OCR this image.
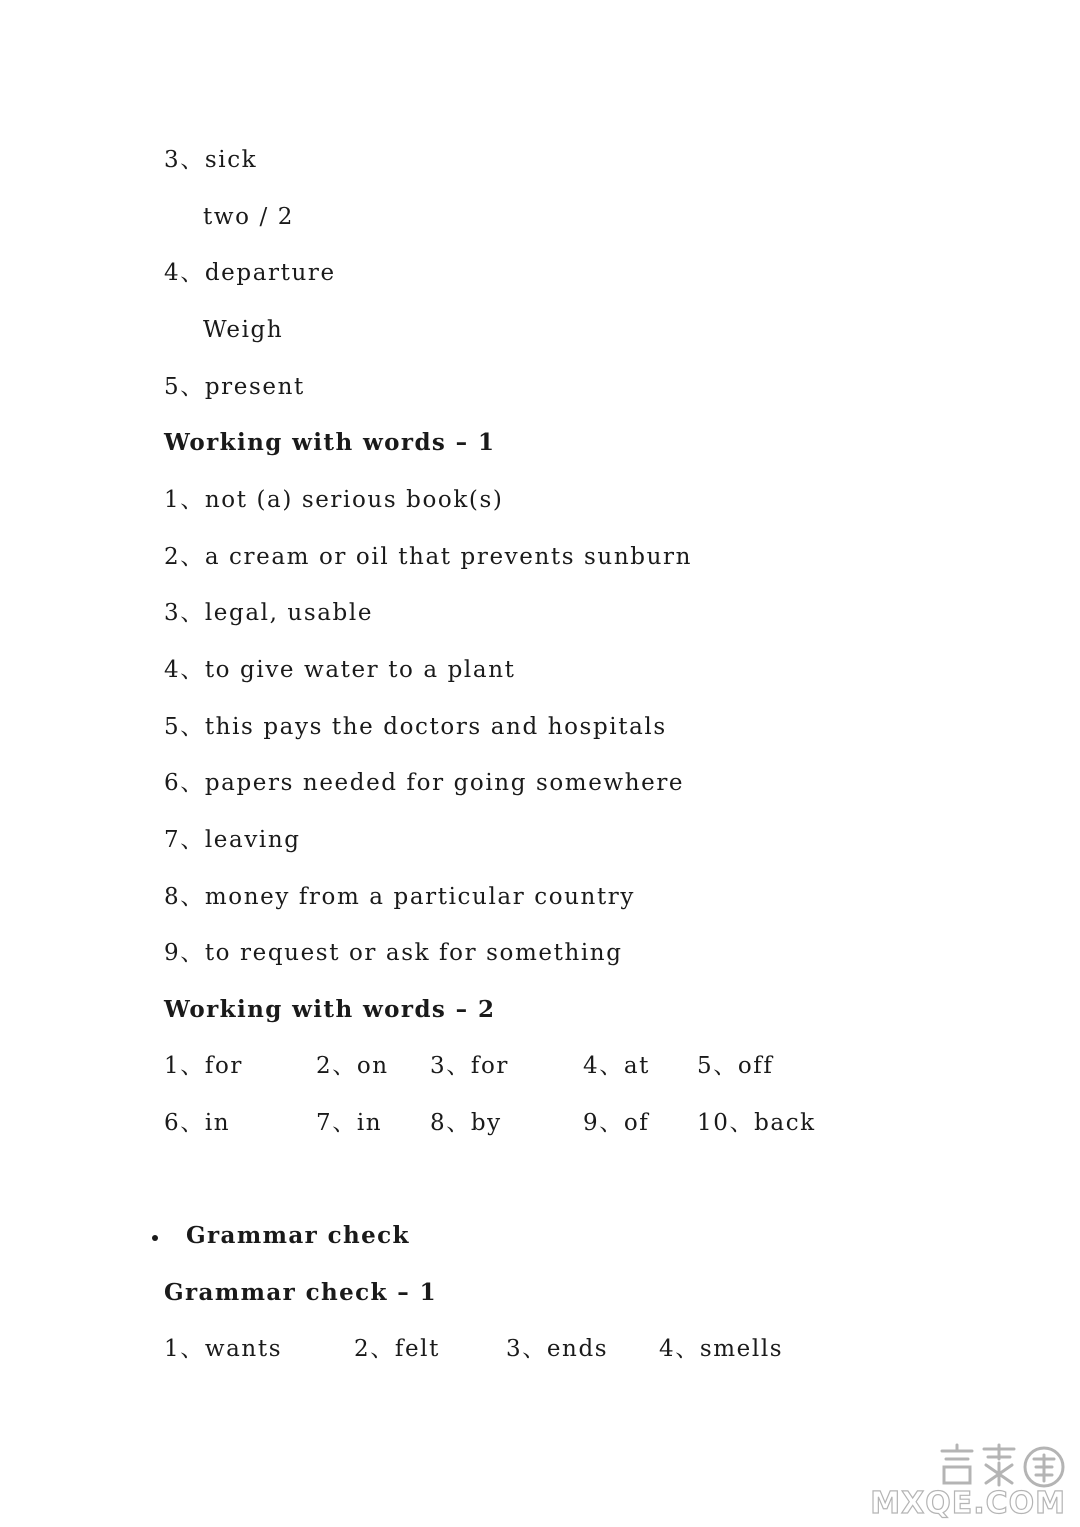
3、sick
two / 2
4、departure
Weigh
5、present
Working with words – 1
1、not (a) serious book(s)
2、a cream or oil that prevents sunburn
3、legal, usable
4、to give water to a plant
5、this pays the doctors and hospitals
6、papers needed for going somewhere
7、leaving
8、money from a particular country
9、to request or ask for something
Working with words – 2
1、for	2、on 3、for	4、at 5、off
6、in	7、in 8、by	9、of 10、back
Grammar check
Grammar check – 1
1、wants	2、felt	3、ends 4、smells
MXQE.COM
